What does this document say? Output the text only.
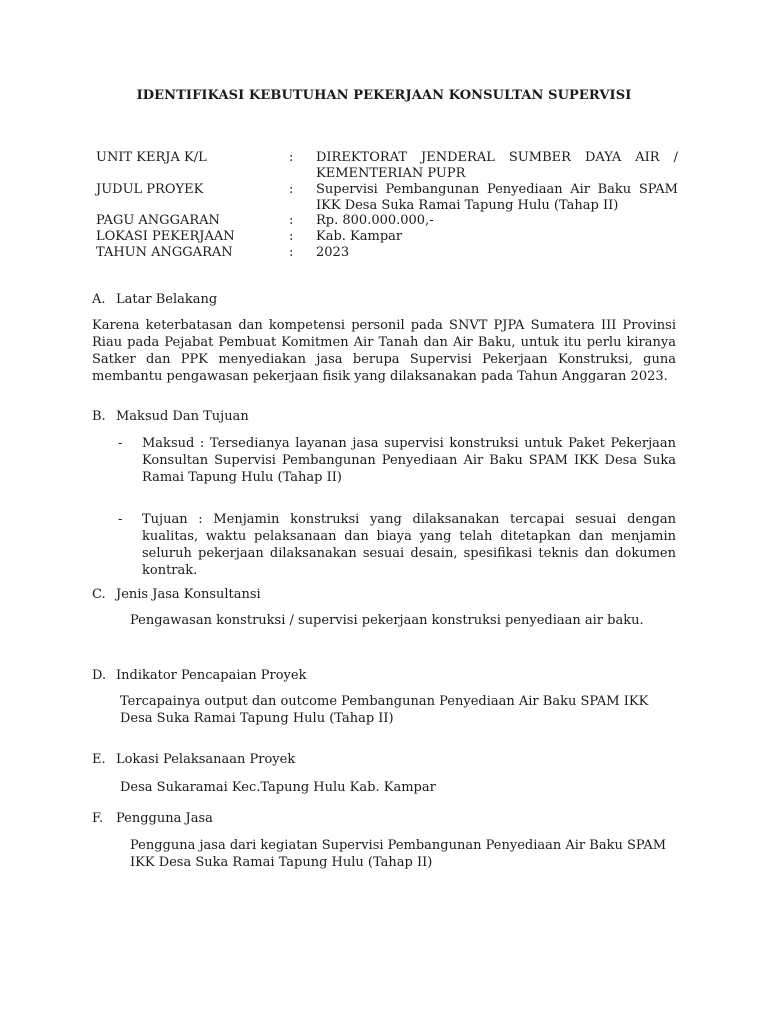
IDENTIFIKASI KEBUTUHAN PEKERJAAN KONSULTAN SUPERVISI
UNIT KERJA K/L	: DIREKTORAT JENDERAL SUMBER DAYA AIR / KEMENTERIAN PUPR
JUDUL PROYEK	: Supervisi Pembangunan Penyediaan Air Baku SPAM IKK Desa Suka Ramai Tapung Hulu (Tahap II)
PAGU ANGGARAN	: Rp. 800.000.000,-
LOKASI PEKERJAAN	: Kab. Kampar
TAHUN ANGGARAN	: 2023
A. Latar Belakang
Karena keterbatasan dan kompetensi personil pada SNVT PJPA Sumatera III Provinsi Riau pada Pejabat Pembuat Komitmen Air Tanah dan Air Baku, untuk itu perlu kiranya Satker dan PPK menyediakan jasa berupa Supervisi Pekerjaan Konstruksi, guna membantu pengawasan pekerjaan fisik yang dilaksanakan pada Tahun Anggaran 2023.
B. Maksud Dan Tujuan
- Maksud : Tersedianya layanan jasa supervisi konstruksi untuk Paket Pekerjaan Konsultan Supervisi Pembangunan Penyediaan Air Baku SPAM IKK Desa Suka Ramai Tapung Hulu (Tahap II)
- Tujuan : Menjamin konstruksi yang dilaksanakan tercapai sesuai dengan kualitas, waktu pelaksanaan dan biaya yang telah ditetapkan dan menjamin seluruh pekerjaan dilaksanakan sesuai desain, spesifikasi teknis dan dokumen kontrak.
C. Jenis Jasa Konsultansi
Pengawasan konstruksi / supervisi pekerjaan konstruksi penyediaan air baku.
D. Indikator Pencapaian Proyek
Tercapainya output dan outcome Pembangunan Penyediaan Air Baku SPAM IKK Desa Suka Ramai Tapung Hulu (Tahap II)
E. Lokasi Pelaksanaan Proyek
Desa Sukaramai Kec.Tapung Hulu Kab. Kampar
F. Pengguna Jasa
Pengguna jasa dari kegiatan Supervisi Pembangunan Penyediaan Air Baku SPAM IKK Desa Suka Ramai Tapung Hulu (Tahap II)
